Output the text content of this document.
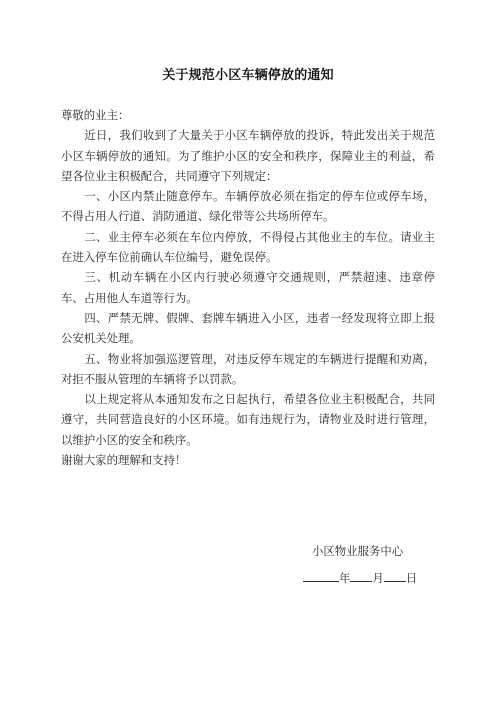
关于规范小区车辆停放的通知

尊敬的业主：

近日，我们收到了大量关于小区车辆停放的投诉，特此发出关于规范小区车辆停放的通知。为了维护小区的安全和秩序，保障业主的利益，希望各位业主积极配合，共同遵守下列规定：

一、小区内禁止随意停车。车辆停放必须在指定的停车位或停车场，不得占用人行道、消防通道、绿化带等公共场所停车。

二、业主停车必须在车位内停放，不得侵占其他业主的车位。请业主在进入停车位前确认车位编号，避免误停。

三、机动车辆在小区内行驶必须遵守交通规则，严禁超速、违章停车、占用他人车道等行为。

四、严禁无牌、假牌、套牌车辆进入小区，违者一经发现将立即上报公安机关处理。

五、物业将加强巡逻管理，对违反停车规定的车辆进行提醒和劝离，对拒不服从管理的车辆将予以罚款。

以上规定将从本通知发布之日起执行，希望各位业主积极配合，共同遵守，共同营造良好的小区环境。如有违规行为，请物业及时进行管理，以维护小区的安全和秩序。

谢谢大家的理解和支持！

小区物业服务中心
年 月 日
